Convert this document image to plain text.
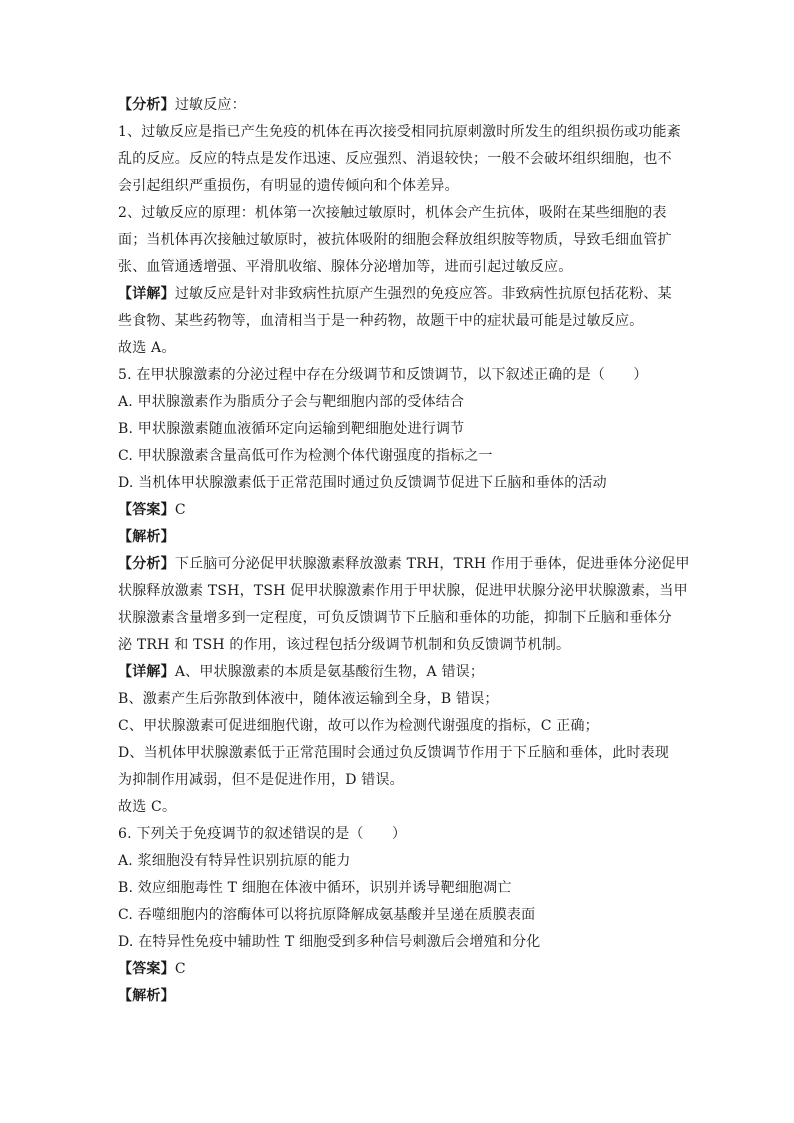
【分析】过敏反应：
1、过敏反应是指已产生免疫的机体在再次接受相同抗原刺激时所发生的组织损伤或功能紊
乱的反应。反应的特点是发作迅速、反应强烈、消退较快；一般不会破坏组织细胞，也不
会引起组织严重损伤，有明显的遗传倾向和个体差异。
2、过敏反应的原理：机体第一次接触过敏原时，机体会产生抗体，吸附在某些细胞的表
面；当机体再次接触过敏原时，被抗体吸附的细胞会释放组织胺等物质，导致毛细血管扩
张、血管通透增强、平滑肌收缩、腺体分泌增加等，进而引起过敏反应。
【详解】过敏反应是针对非致病性抗原产生强烈的免疫应答。非致病性抗原包括花粉、某
些食物、某些药物等，血清相当于是一种药物，故题干中的症状最可能是过敏反应。
故选 A。
5. 在甲状腺激素的分泌过程中存在分级调节和反馈调节，以下叙述正确的是（　　）
A. 甲状腺激素作为脂质分子会与靶细胞内部的受体结合
B. 甲状腺激素随血液循环定向运输到靶细胞处进行调节
C. 甲状腺激素含量高低可作为检测个体代谢强度的指标之一
D. 当机体甲状腺激素低于正常范围时通过负反馈调节促进下丘脑和垂体的活动
【答案】C
【解析】
【分析】下丘脑可分泌促甲状腺激素释放激素 TRH，TRH 作用于垂体，促进垂体分泌促甲
状腺释放激素 TSH，TSH 促甲状腺激素作用于甲状腺，促进甲状腺分泌甲状腺激素，当甲
状腺激素含量增多到一定程度，可负反馈调节下丘脑和垂体的功能，抑制下丘脑和垂体分
泌 TRH 和 TSH 的作用，该过程包括分级调节机制和负反馈调节机制。
【详解】A、甲状腺激素的本质是氨基酸衍生物，A 错误；
B、激素产生后弥散到体液中，随体液运输到全身，B 错误；
C、甲状腺激素可促进细胞代谢，故可以作为检测代谢强度的指标，C 正确；
D、当机体甲状腺激素低于正常范围时会通过负反馈调节作用于下丘脑和垂体，此时表现
为抑制作用减弱，但不是促进作用，D 错误。
故选 C。
6. 下列关于免疫调节的叙述错误的是（　　）
A. 浆细胞没有特异性识别抗原的能力
B. 效应细胞毒性 T 细胞在体液中循环，识别并诱导靶细胞凋亡
C. 吞噬细胞内的溶酶体可以将抗原降解成氨基酸并呈递在质膜表面
D. 在特异性免疫中辅助性 T 细胞受到多种信号刺激后会增殖和分化
【答案】C
【解析】
